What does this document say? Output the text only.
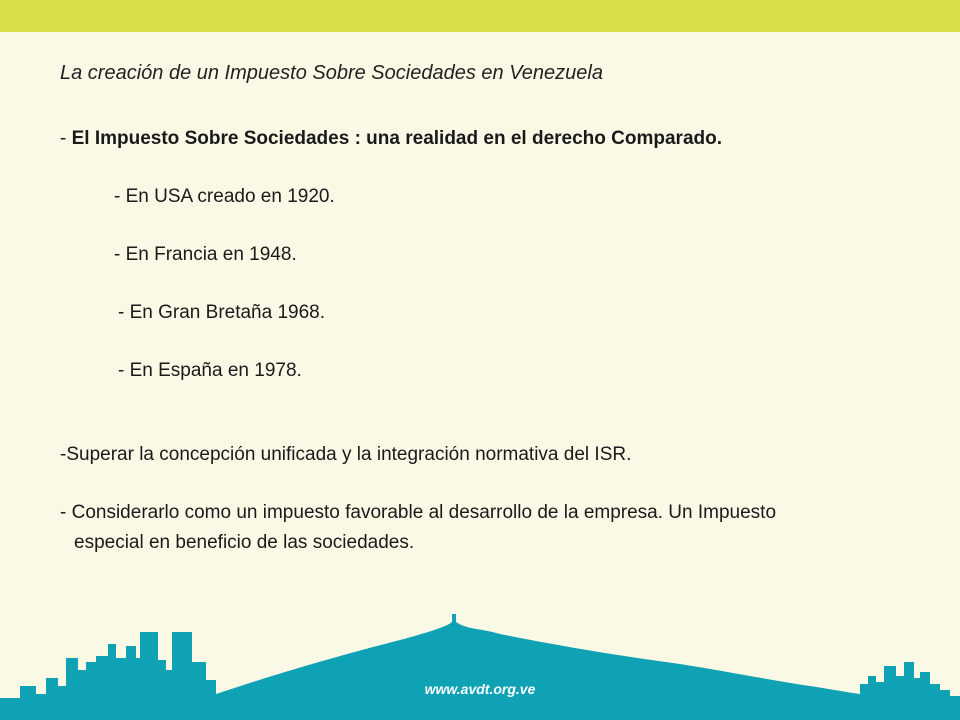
La creación de un Impuesto Sobre Sociedades en Venezuela

- El Impuesto Sobre Sociedades : una realidad en el derecho Comparado.

- En USA creado en 1920.

- En Francia en 1948.

- En Gran Bretaña 1968.

- En España en 1978.

-Superar la concepción unificada y la integración normativa del ISR.

- Considerarlo como un impuesto favorable al desarrollo de la empresa. Un Impuesto

especial en beneficio de las sociedades.

www.avdt.org.ve
